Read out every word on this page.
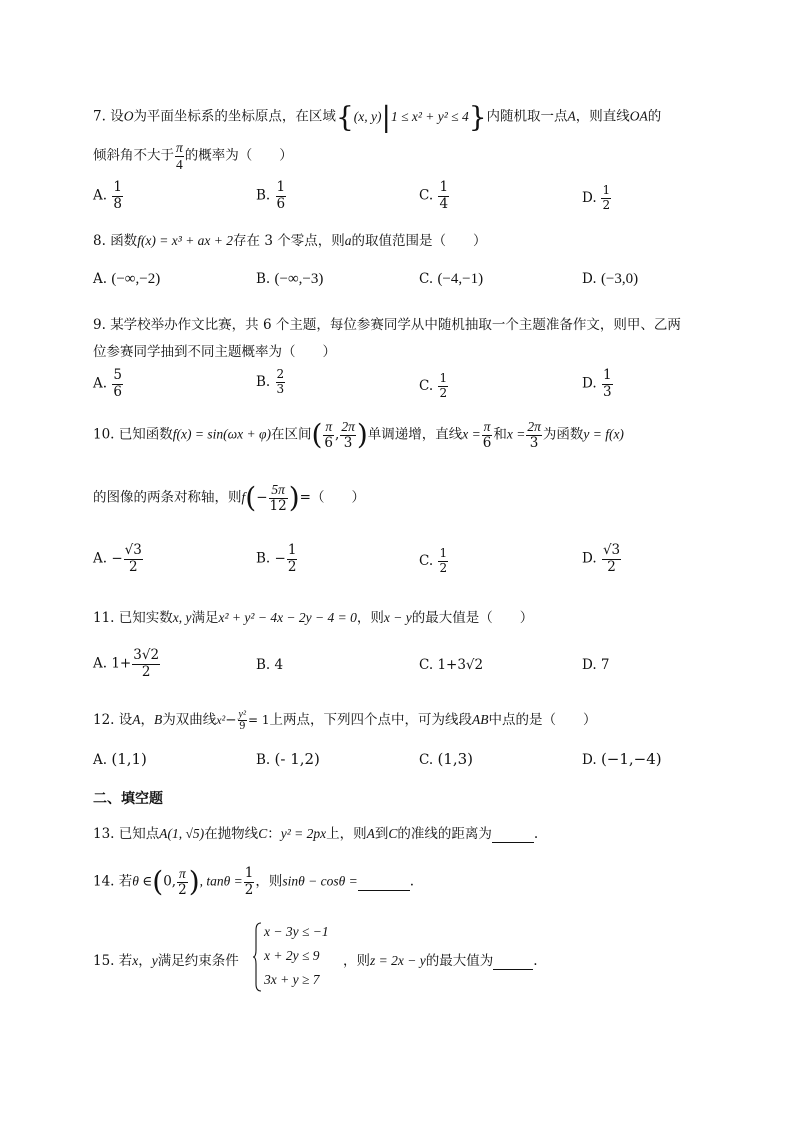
7. 设O为平面坐标系的坐标原点，在区域{(x, y)|1 ≤ x² + y² ≤ 4}内随机取一点A，则直线OA的
倾斜角不大于 $\frac{\pi}{4}$ 的概率为（　　）
A. $\frac{1}{8}$	B. $\frac{1}{6}$	C. $\frac{1}{4}$	D. $\frac{1}{2}$
8. 函数f(x) = x³ + ax + 2存在 3 个零点，则a的取值范围是（　　）
A. (−∞,−2)	B. (−∞,−3)	C. (−4,−1)	D. (−3,0)
9. 某学校举办作文比赛，共 6 个主题，每位参赛同学从中随机抽取一个主题准备作文，则甲、乙两
位参赛同学抽到不同主题概率为（　　）
A. $\frac{5}{6}$	B. $\frac{2}{3}$	C. $\frac{1}{2}$	D. $\frac{1}{3}$
10. 已知函数f(x) = sin(ωx + φ)在区间( $\frac{\pi}{6}$ , $\frac{2\pi}{3}$ )单调递增，直线$x = \frac{\pi}{6}$ 和$x = \frac{2\pi}{3}$ 为函数y = f(x)
的图像的两条对称轴，则$f(- \frac{5\pi}{12}$ )=（　　）
A. − $\frac{√3}{2}$	B. − $\frac{1}{2}$	C. $\frac{1}{2}$	D. $\frac{√3}{2}$
11. 已知实数x, y满足x² + y² − 4x − 2y − 4 = 0，则x − y的最大值是（　　）
A. $1+ \frac{3√2}{2}$	B. 4	C. 1+3√2	D. 7
12. 设A，B为双曲线$x^2- \frac{\text{y²}}{9} = 1$上两点，下列四个点中，可为线段AB中点的是（　　）
A. (1,1)	B. (- 1,2)	C. (1,3)	D. (−1,−4)
二、填空题
13. 已知点A(1, √5)在抛物线C：y² = 2px上，则A到C的准线的距离为	.
14. 若θ ∈(0, $\frac{\pi}{2}$ ), $\tan\theta = \frac{1}{2}$ ，则sinθ − cosθ =	.
15. 若x，y满足约束条件
x − 3y ≤ −1
x + 2y ≤ 9
3x + y ≥ 7
，则z = 2x − y的最大值为	.
